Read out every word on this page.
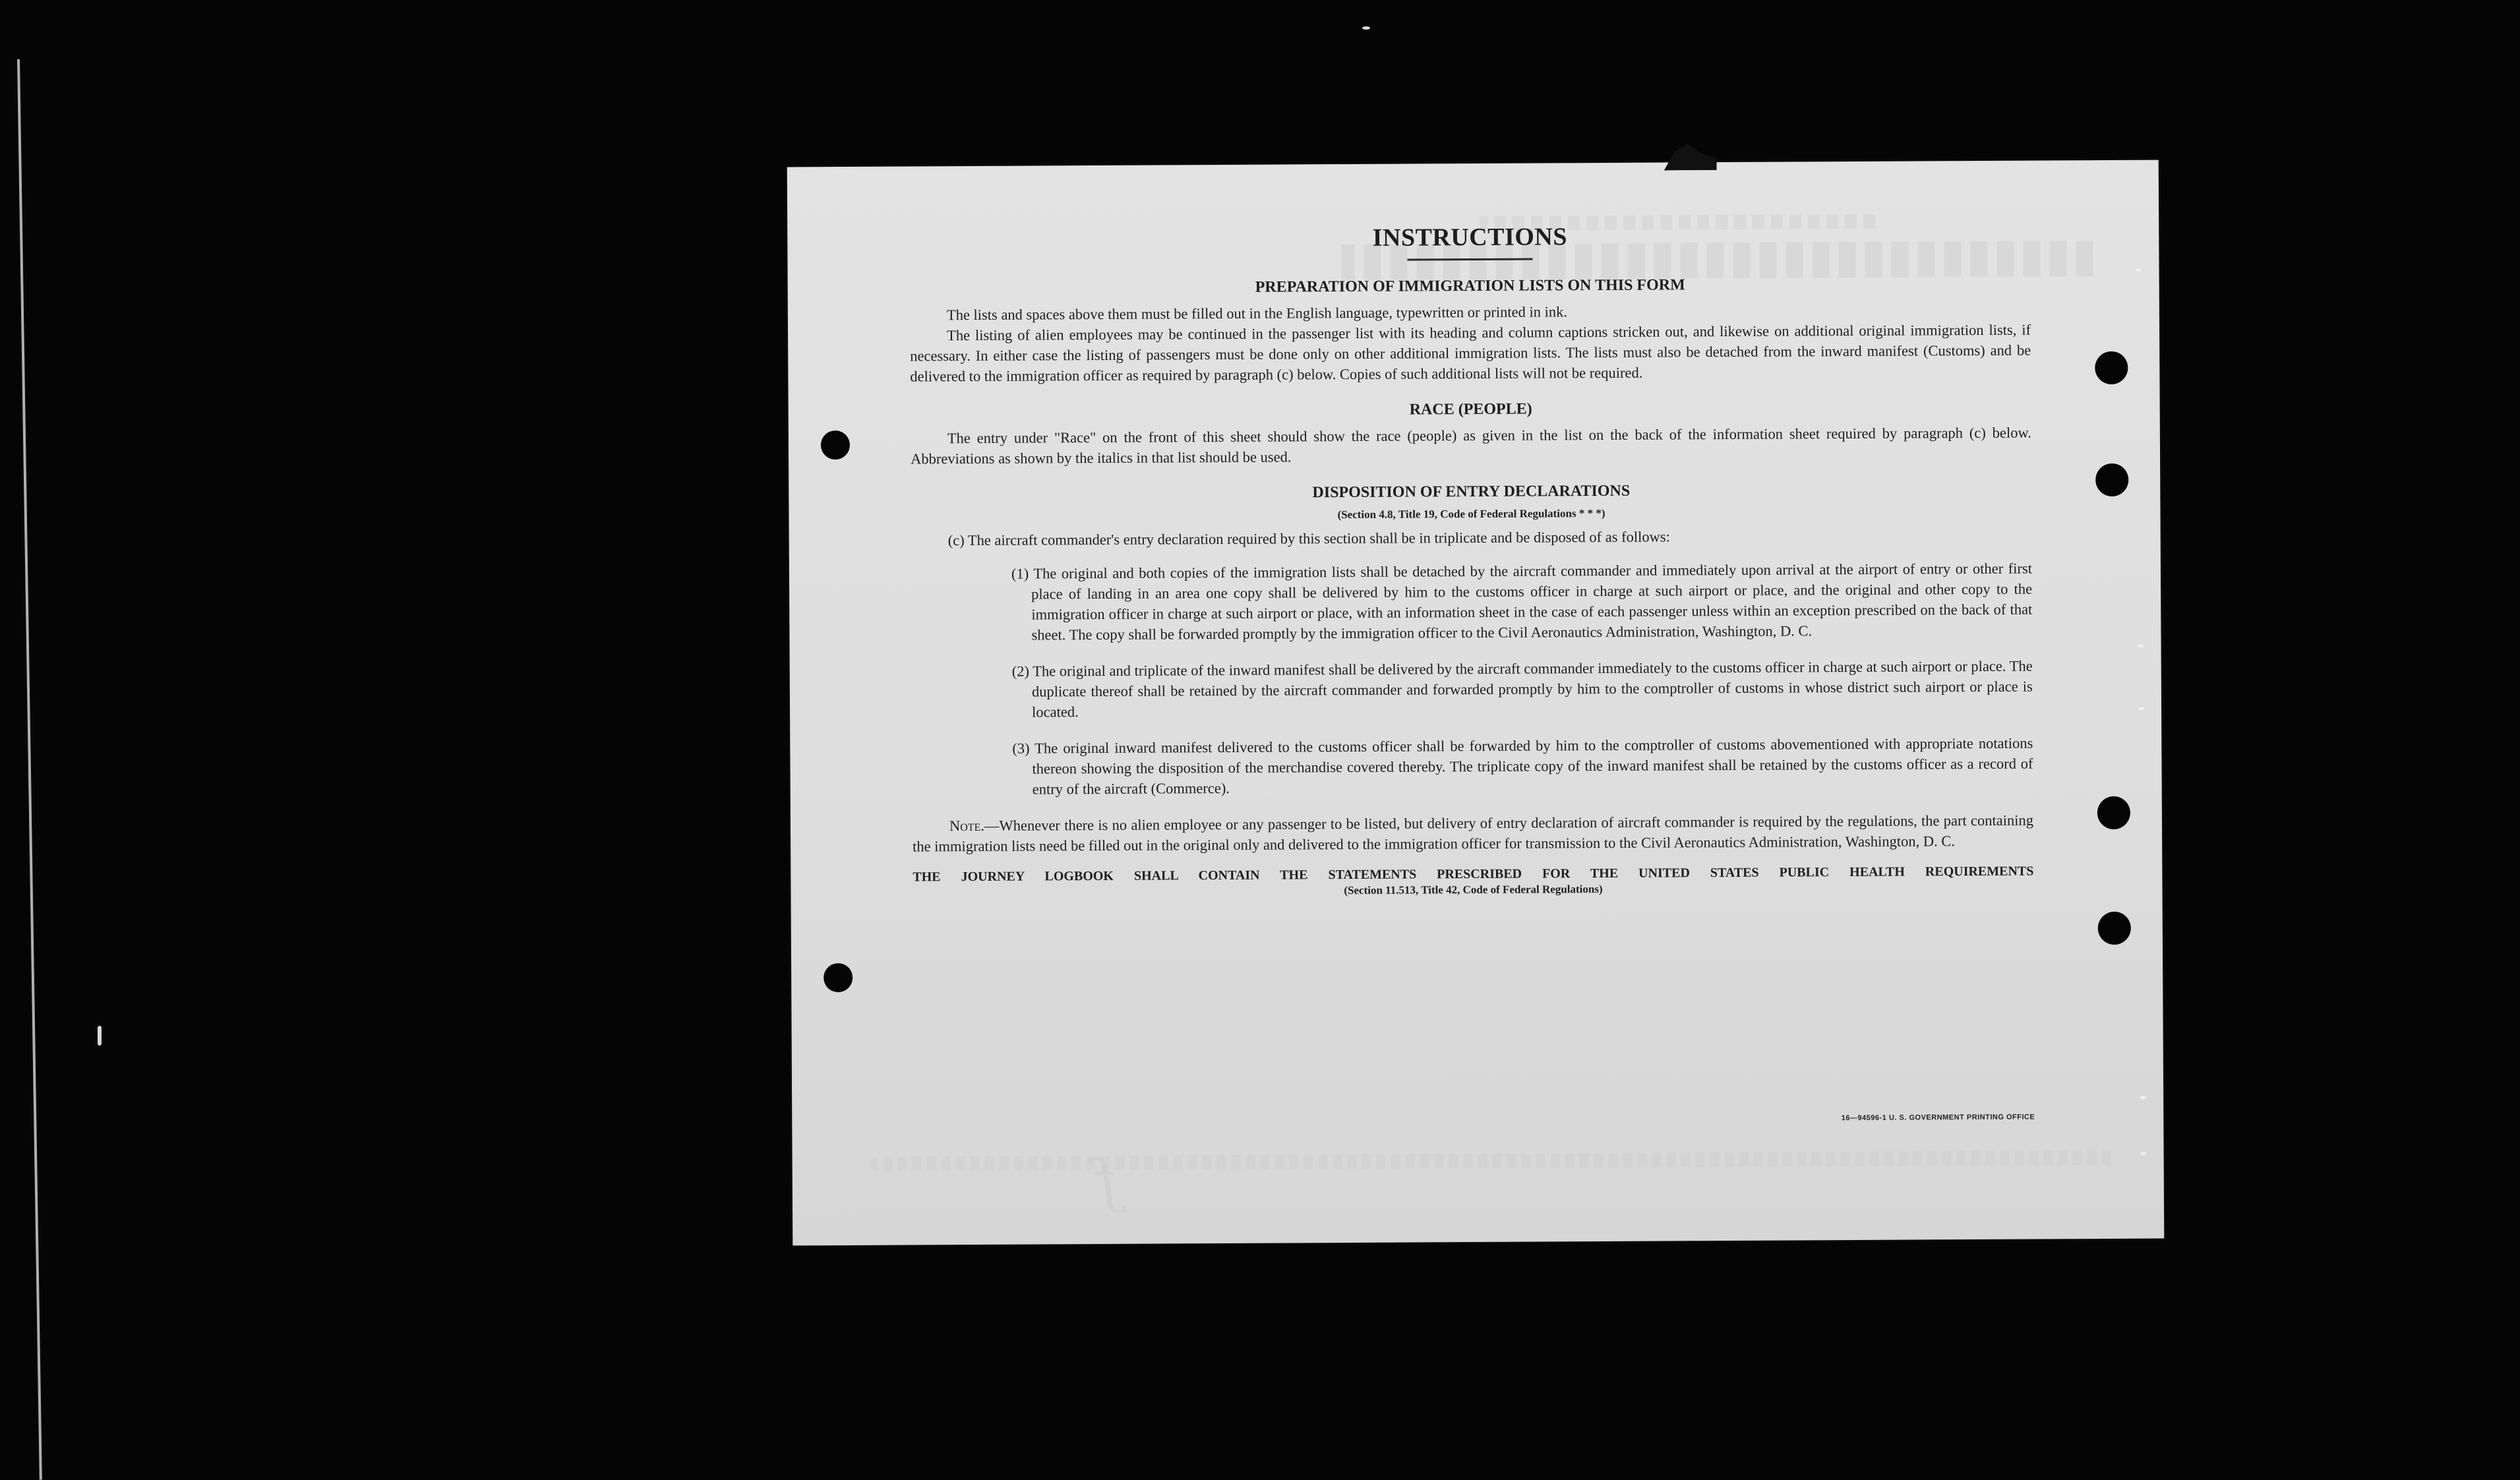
ƒ
INSTRUCTIONS
PREPARATION OF IMMIGRATION LISTS ON THIS FORM

The lists and spaces above them must be filled out in the English language, typewritten or printed in ink.

The listing of alien employees may be continued in the passenger list with its heading and column captions stricken out, and likewise on additional original immigration lists, if necessary. In either case the listing of passengers must be done only on other additional immigration lists. The lists must also be detached from the inward manifest (Customs) and be delivered to the immigration officer as required by paragraph (c) below. Copies of such additional lists will not be required.

RACE (PEOPLE)

The entry under "Race" on the front of this sheet should show the race (people) as given in the list on the back of the information sheet required by paragraph (c) below. Abbreviations as shown by the italics in that list should be used.

DISPOSITION OF ENTRY DECLARATIONS
(Section 4.8, Title 19, Code of Federal Regulations * * *)
(c) The aircraft commander's entry declaration required by this section shall be in triplicate and be disposed of as follows:
(1) The original and both copies of the immigration lists shall be detached by the aircraft commander and immediately upon arrival at the airport of entry or other first place of landing in an area one copy shall be delivered by him to the customs officer in charge at such airport or place, and the original and other copy to the immigration officer in charge at such airport or place, with an information sheet in the case of each passenger unless within an exception prescribed on the back of that sheet. The copy shall be forwarded promptly by the immigration officer to the Civil Aeronautics Administration, Washington, D. C.
(2) The original and triplicate of the inward manifest shall be delivered by the aircraft commander immediately to the customs officer in charge at such airport or place. The duplicate thereof shall be retained by the aircraft commander and forwarded promptly by him to the comptroller of customs in whose district such airport or place is located.
(3) The original inward manifest delivered to the customs officer shall be forwarded by him to the comptroller of customs abovementioned with appropriate notations thereon showing the disposition of the merchandise covered thereby. The triplicate copy of the inward manifest shall be retained by the customs officer as a record of entry of the aircraft (Commerce).

Note.—Whenever there is no alien employee or any passenger to be listed, but delivery of entry declaration of aircraft commander is required by the regulations, the part containing the immigration lists need be filled out in the original only and delivered to the immigration officer for transmission to the Civil Aeronautics Administration, Washington, D. C.

THE JOURNEY LOGBOOK SHALL CONTAIN THE STATEMENTS PRESCRIBED FOR THE UNITED STATES PUBLIC HEALTH REQUIREMENTS
(Section 11.513, Title 42, Code of Federal Regulations)
16—94596-1 U. S. GOVERNMENT PRINTING OFFICE
